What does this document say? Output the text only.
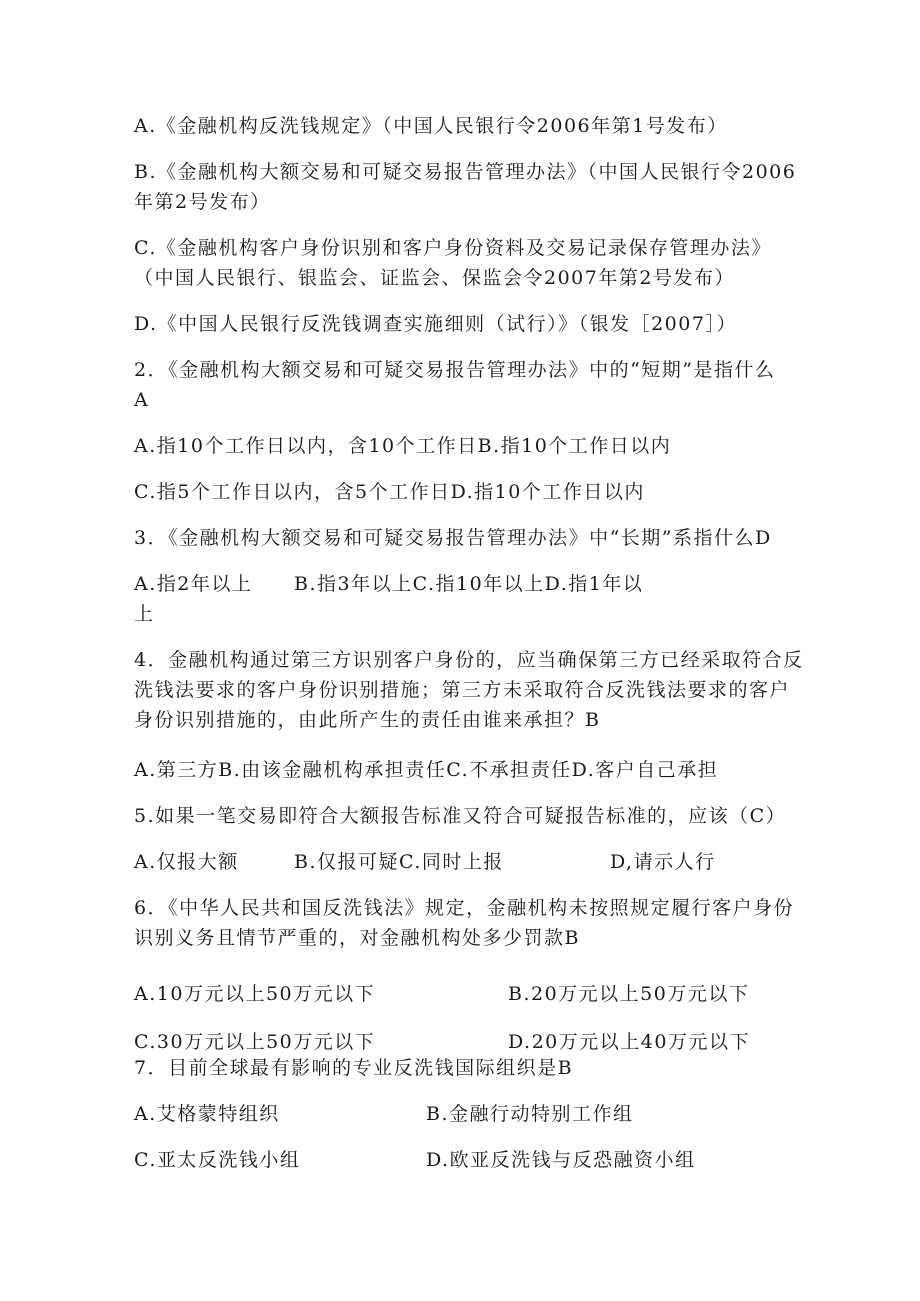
A.《金融机构反洗钱规定》（中国人民银行令2006年第1号发布）
B.《金融机构大额交易和可疑交易报告管理办法》（中国人民银行令2006
年第2号发布）
C.《金融机构客户身份识别和客户身份资料及交易记录保存管理办法》
（中国人民银行、银监会、证监会、保监会令2007年第2号发布）
D.《中国人民银行反洗钱调查实施细则（试行）》（银发［2007］）
2．《金融机构大额交易和可疑交易报告管理办法》中的“短期”是指什么
A
A.指10个工作日以内，含10个工作日B.指10个工作日以内
C.指5个工作日以内，含5个工作日D.指10个工作日以内
3．《金融机构大额交易和可疑交易报告管理办法》中“长期”系指什么D
A.指2年以上 B.指3年以上C.指10年以上D.指1年以
上
4．金融机构通过第三方识别客户身份的，应当确保第三方已经采取符合反
洗钱法要求的客户身份识别措施；第三方未采取符合反洗钱法要求的客户
身份识别措施的，由此所产生的责任由谁来承担？B
A.第三方B.由该金融机构承担责任C.不承担责任D.客户自己承担
5.如果一笔交易即符合大额报告标准又符合可疑报告标准的，应该（C）
A.仅报大额	B.仅报可疑C.同时上报	D,请示人行
6．《中华人民共和国反洗钱法》规定，金融机构未按照规定履行客户身份
识别义务且情节严重的，对金融机构处多少罚款B
A.10万元以上50万元以下	B.20万元以上50万元以下
C.30万元以上50万元以下	D.20万元以上40万元以下
7．目前全球最有影响的专业反洗钱国际组织是B
A.艾格蒙特组织	B.金融行动特别工作组
C.亚太反洗钱小组	D.欧亚反洗钱与反恐融资小组
